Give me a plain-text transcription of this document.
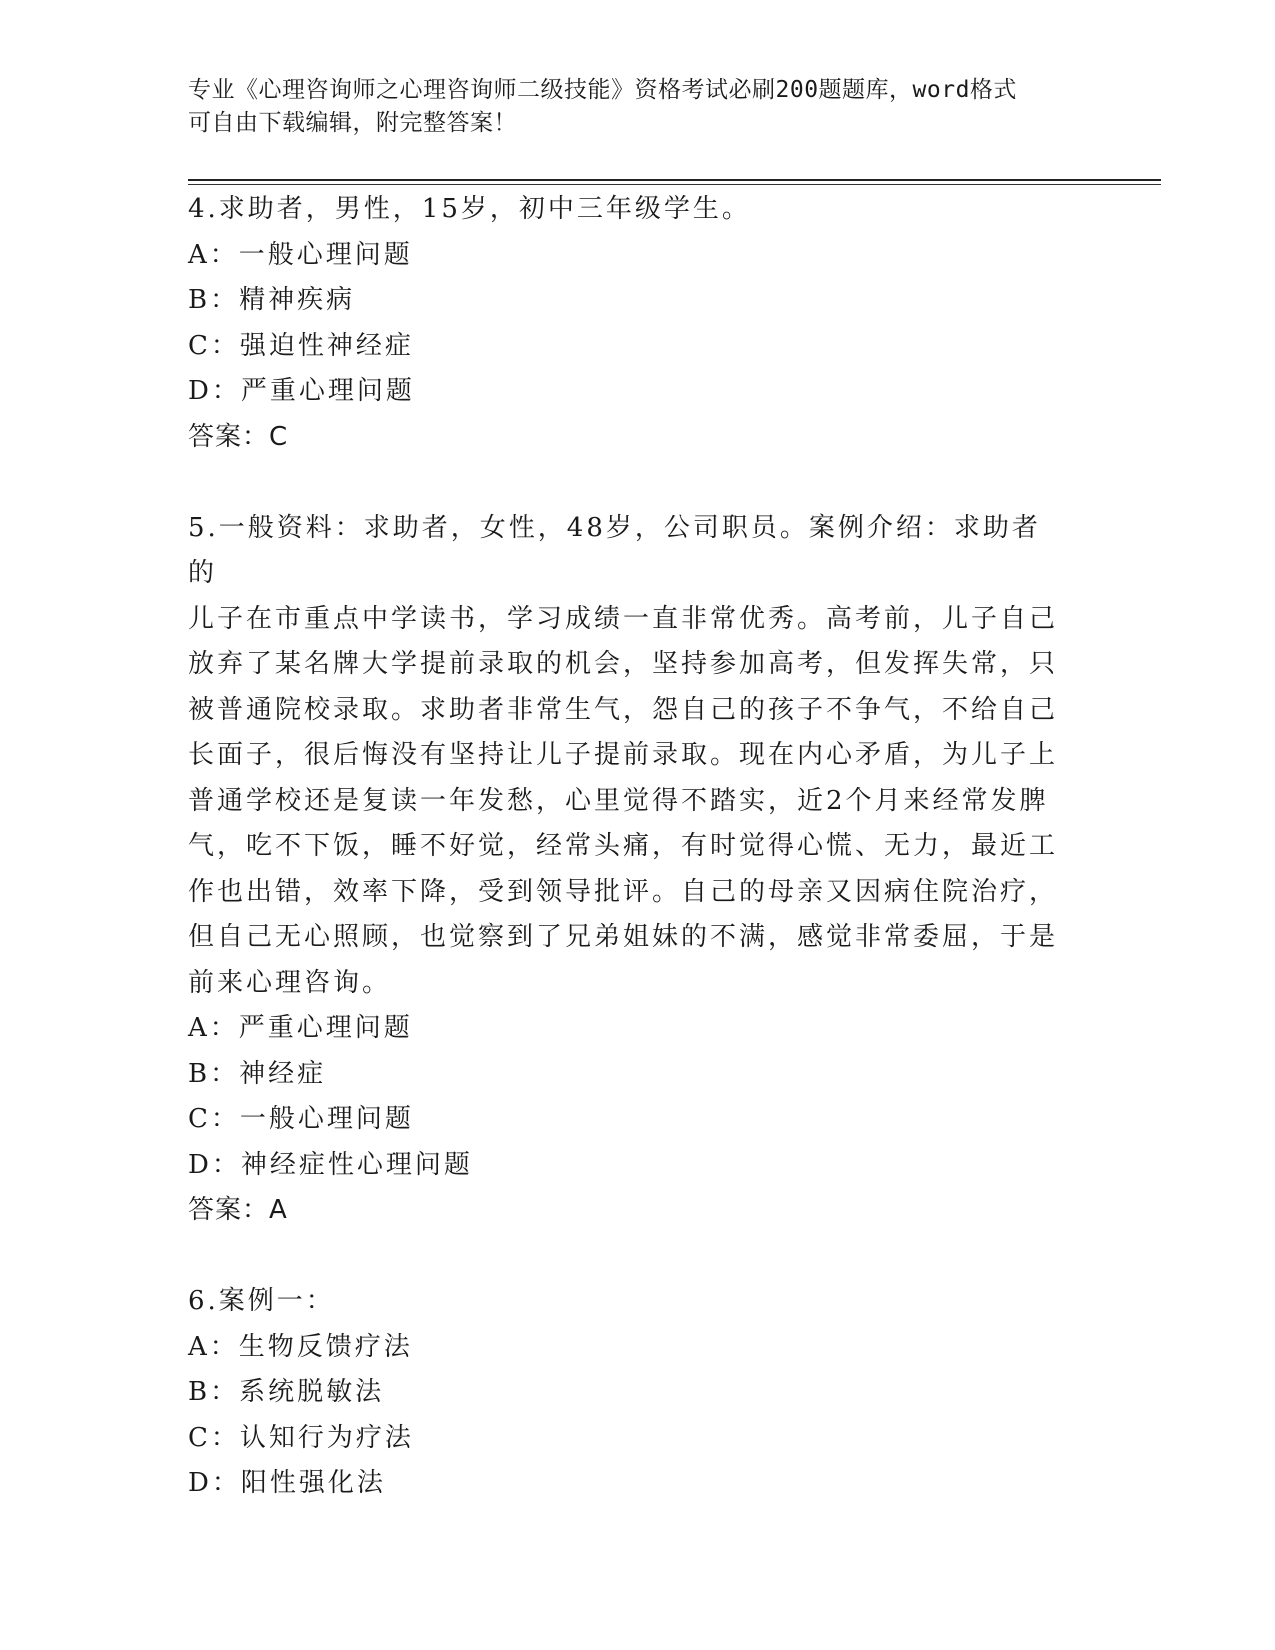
专业《心理咨询师之心理咨询师二级技能》资格考试必刷200题题库，word格式
可自由下载编辑，附完整答案！
4.求助者，男性，15岁，初中三年级学生。
A：一般心理问题
B：精神疾病
C：强迫性神经症
D：严重心理问题
答案：C
5.一般资料：求助者，女性，48岁，公司职员。案例介绍：求助者的
儿子在市重点中学读书，学习成绩一直非常优秀。高考前，儿子自己
放弃了某名牌大学提前录取的机会，坚持参加高考，但发挥失常，只
被普通院校录取。求助者非常生气，怨自己的孩子不争气，不给自己
长面子，很后悔没有坚持让儿子提前录取。现在内心矛盾，为儿子上
普通学校还是复读一年发愁，心里觉得不踏实，近2个月来经常发脾
气，吃不下饭，睡不好觉，经常头痛，有时觉得心慌、无力，最近工
作也出错，效率下降，受到领导批评。自己的母亲又因病住院治疗，
但自己无心照顾，也觉察到了兄弟姐妹的不满，感觉非常委屈，于是
前来心理咨询。
A：严重心理问题
B：神经症
C：一般心理问题
D：神经症性心理问题
答案：A
6.案例一：
A：生物反馈疗法
B：系统脱敏法
C：认知行为疗法
D：阳性强化法
